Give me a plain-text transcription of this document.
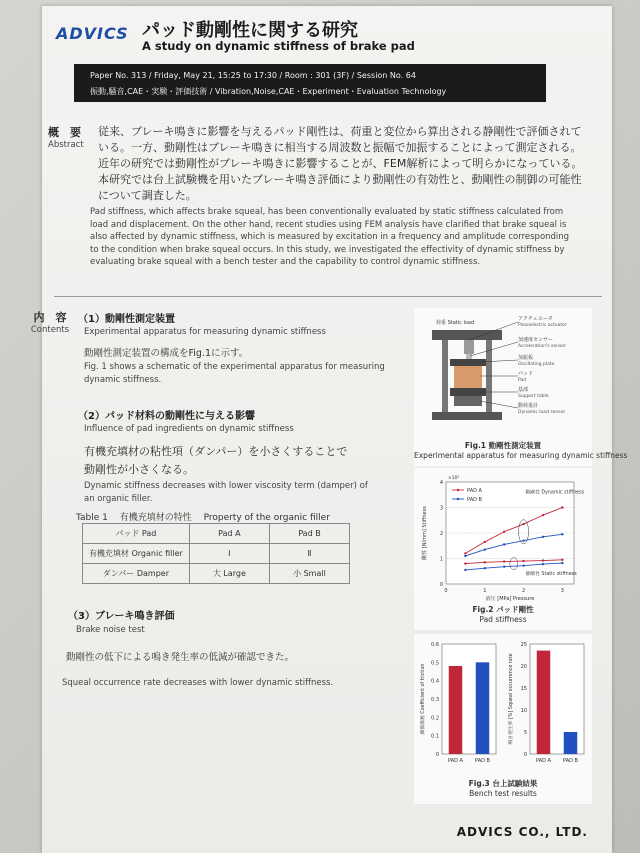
ADVICS パッド動剛性に関する研究
A study on dynamic stiffness of brake pad
Paper No. 313 / Friday, May 21, 15:25 to 17:30 / Room : 301 (3F) / Session No. 64
振動,騒音,CAE・実験・評価技術 / Vibration,Noise,CAE・Experiment・Evaluation Technology
概　要
Abstract
従来、ブレーキ鳴きに影響を与えるパッド剛性は、荷重と変位から算出される静剛性で評価されている。一方、動剛性はブレーキ鳴きに相当する周波数と振幅で加振することによって測定される。近年の研究では動剛性がブレーキ鳴きに影響することが、FEM解析によって明らかになっている。本研究では台上試験機を用いたブレーキ鳴き評価により動剛性の有効性と、動剛性の制御の可能性について調査した。
Pad stiffness, which affects brake squeal, has been conventionally evaluated by static stiffness calculated from load and displacement. On the other hand, recent studies using FEM analysis have clarified that brake squeal is also affected by dynamic stiffness, which is measured by excitation in a frequency and amplitude corresponding to the condition when brake squeal occurs. In this study, we investigated the effectivity of dynamic stiffness by evaluating brake squeal with a bench tester and the capability to control dynamic stiffness.
内　容
Contents
（1）動剛性測定装置
Experimental apparatus for measuring dynamic stiffness
動剛性測定装置の構成をFig.1に示す。
Fig. 1 shows a schematic of the experimental apparatus for measuring
dynamic stiffness.
（2）パッド材料の動剛性に与える影響
Influence of pad ingredients on dynamic stiffness
有機充填材の粘性項（ダンパー）を小さくすることで
動剛性が小さくなる。
Dynamic stiffness decreases with lower viscosity term (damper) of
an organic filler.
Table 1　 有機充填材の特性　 Property of the organic filler
パッド Pad	Pad A	Pad B
有機充填材 Organic filler	Ⅰ	Ⅱ
ダンパー Damper	大 Large	小 Small
（3）ブレーキ鳴き評価
Brake noise test
動剛性の低下による鳴き発生率の低減が確認できた。
Squeal occurrence rate decreases with lower dynamic stiffness.
荷重 Static load
アクチュエータ
Piezoelectric actuator
加速度センサー
Acceleration's sensor
加振板
Oscillating plate
パッド
Pad
基部
Support table
動荷重計
Dynamic load sensor
Fig.1 動剛性測定装置
Experimental apparatus for measuring dynamic stiffness
0
1
2
3
4
0	1	2	3
×10⁵
液圧 [MPa] Pressure
剛性 [N/mm] Stiffness
PAD A
PAD B
動剛性 Dynamic stiffness
静剛性 Static stiffness
Fig.2 パッド剛性
Pad stiffness
0
0.1
0.2
0.3
0.4
0.5
0.6
摩擦係数 Coefficient of friction
PAD A PAD B
0
5
10
15
20
25
鳴き発生率 [%] Squeal occurrence rate
PAD A PAD B
Fig.3 台上試験結果
Bench test results
ADVICS CO., LTD.
